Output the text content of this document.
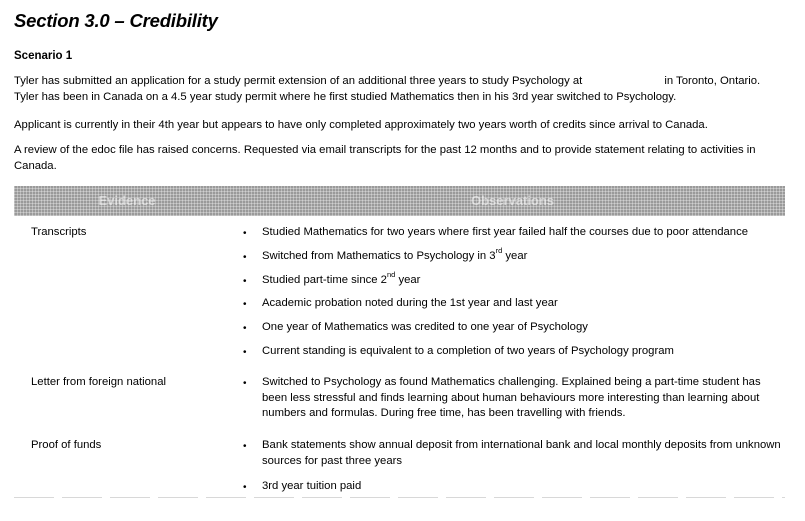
Section 3.0 – Credibility
Scenario 1

Tyler has submitted an application for a study permit extension of an additional three years to study Psychology at	in Toronto, Ontario. Tyler has been in Canada on a 4.5 year study permit where he first studied Mathematics then in his 3rd year switched to Psychology.

Applicant is currently in their 4th year but appears to have only completed approximately two years worth of credits since arrival to Canada.

A review of the edoc file has raised concerns. Requested via email transcripts for the past 12 months and to provide statement relating to activities in Canada.

Evidence	Observations
Transcripts	• Studied Mathematics for two years where first year failed half the courses due to poor attendance

• Switched from Mathematics to Psychology in 3rd year

• Studied part-time since 2nd year

• Academic probation noted during the 1st year and last year

• One year of Mathematics was credited to one year of Psychology

• Current standing is equivalent to a completion of two years of Psychology program

Letter from foreign national	• Switched to Psychology as found Mathematics challenging. Explained being a part-time student has been less stressful and finds learning about human behaviours more interesting than learning about numbers and formulas. During free time, has been travelling with friends.

Proof of funds	• Bank statements show annual deposit from international bank and local monthly deposits from unknown sources for past three years

• 3rd year tuition paid
